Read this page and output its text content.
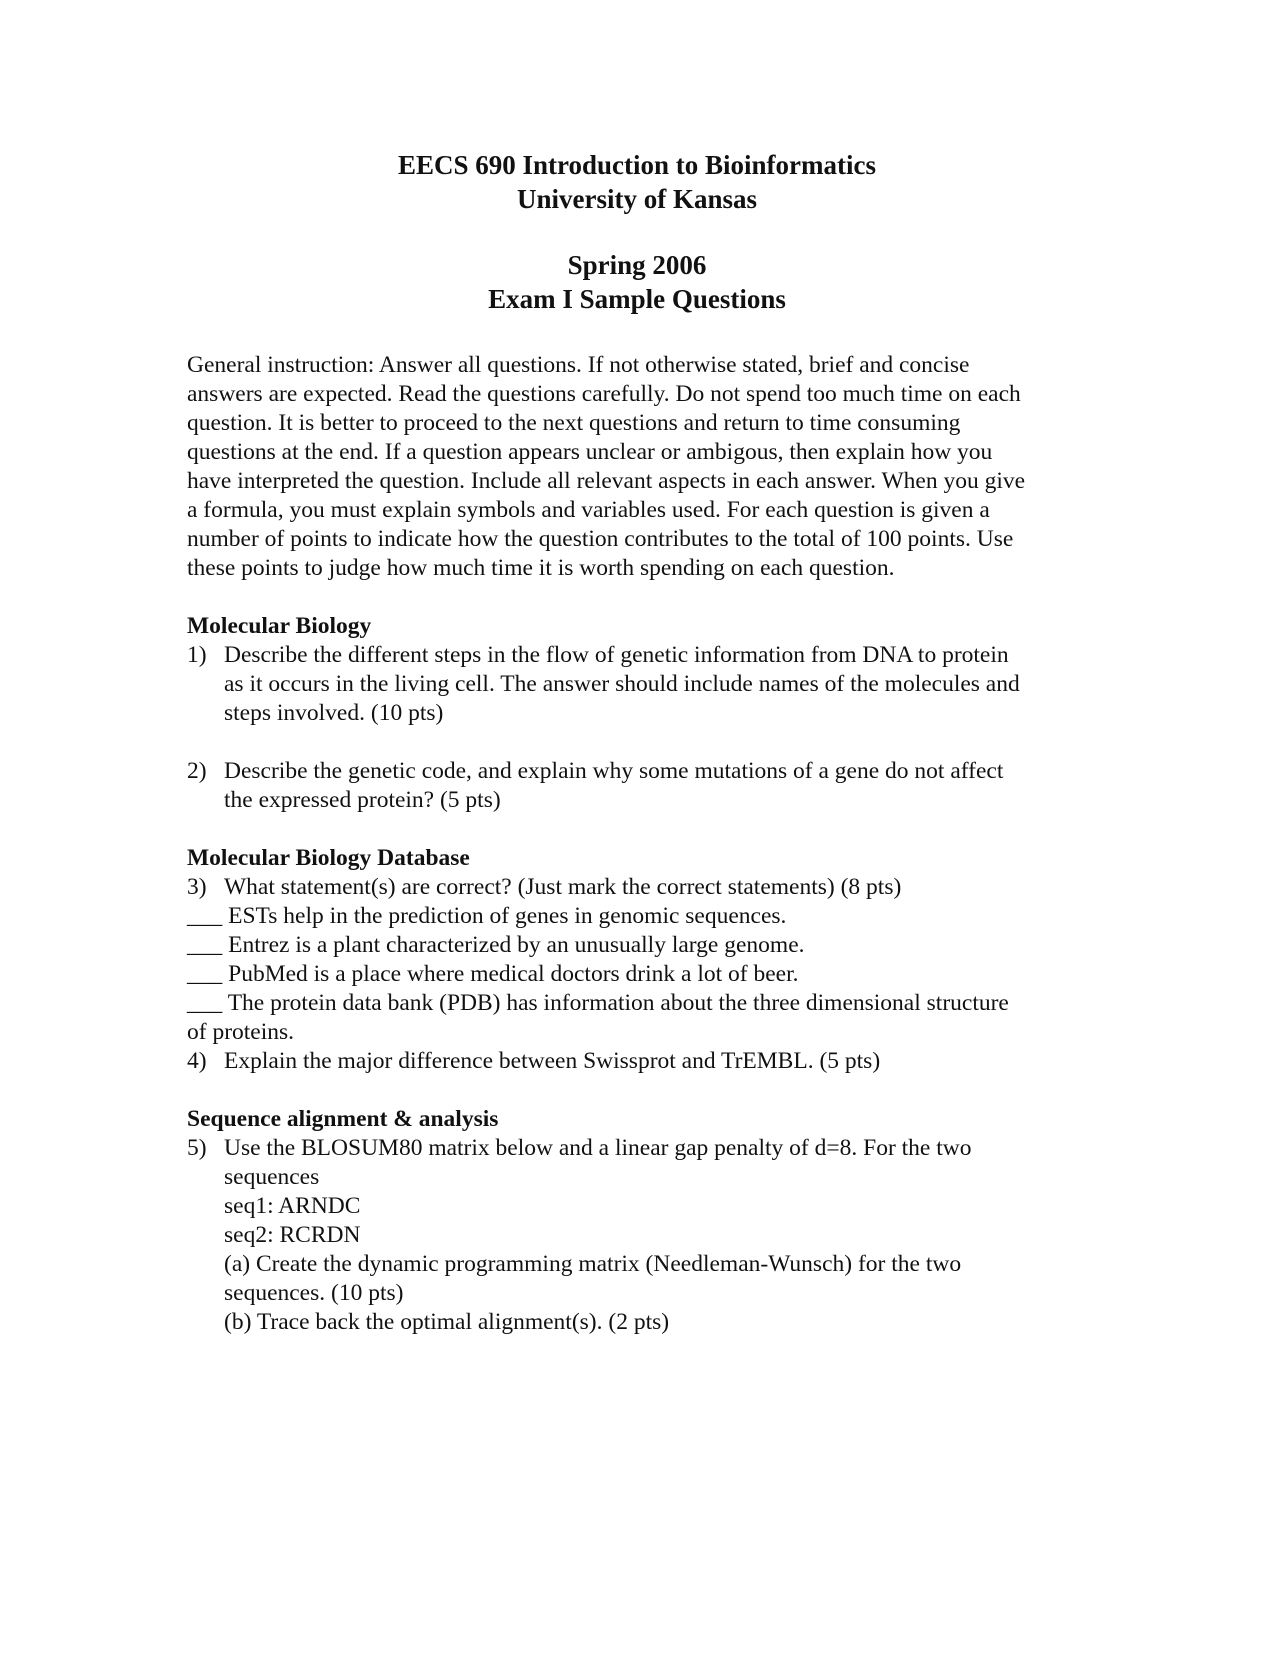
EECS 690 Introduction to Bioinformatics
University of Kansas
Spring 2006
Exam I Sample Questions

General instruction: Answer all questions. If not otherwise stated, brief and concise

answers are expected. Read the questions carefully. Do not spend too much time on each

question. It is better to proceed to the next questions and return to time consuming

questions at the end. If a question appears unclear or ambigous, then explain how you

have interpreted the question. Include all relevant aspects in each answer. When you give

a formula, you must explain symbols and variables used. For each question is given a

number of points to indicate how the question contributes to the total of 100 points. Use

these points to judge how much time it is worth spending on each question.

Molecular Biology
1) Describe the different steps in the flow of genetic information from DNA to protein
as it occurs in the living cell. The answer should include names of the molecules and
steps involved. (10 pts)
2) Describe the genetic code, and explain why some mutations of a gene do not affect
the expressed protein? (5 pts)
Molecular Biology Database
3) What statement(s) are correct? (Just mark the correct statements) (8 pts)
___ ESTs help in the prediction of genes in genomic sequences.
___ Entrez is a plant characterized by an unusually large genome.
___ PubMed is a place where medical doctors drink a lot of beer.
___ The protein data bank (PDB) has information about the three dimensional structure
of proteins.
4) Explain the major difference between Swissprot and TrEMBL. (5 pts)
Sequence alignment & analysis
5) Use the BLOSUM80 matrix below and a linear gap penalty of d=8. For the two
sequences
seq1: ARNDC
seq2: RCRDN
(a) Create the dynamic programming matrix (Needleman-Wunsch) for the two
sequences. (10 pts)
(b) Trace back the optimal alignment(s). (2 pts)
